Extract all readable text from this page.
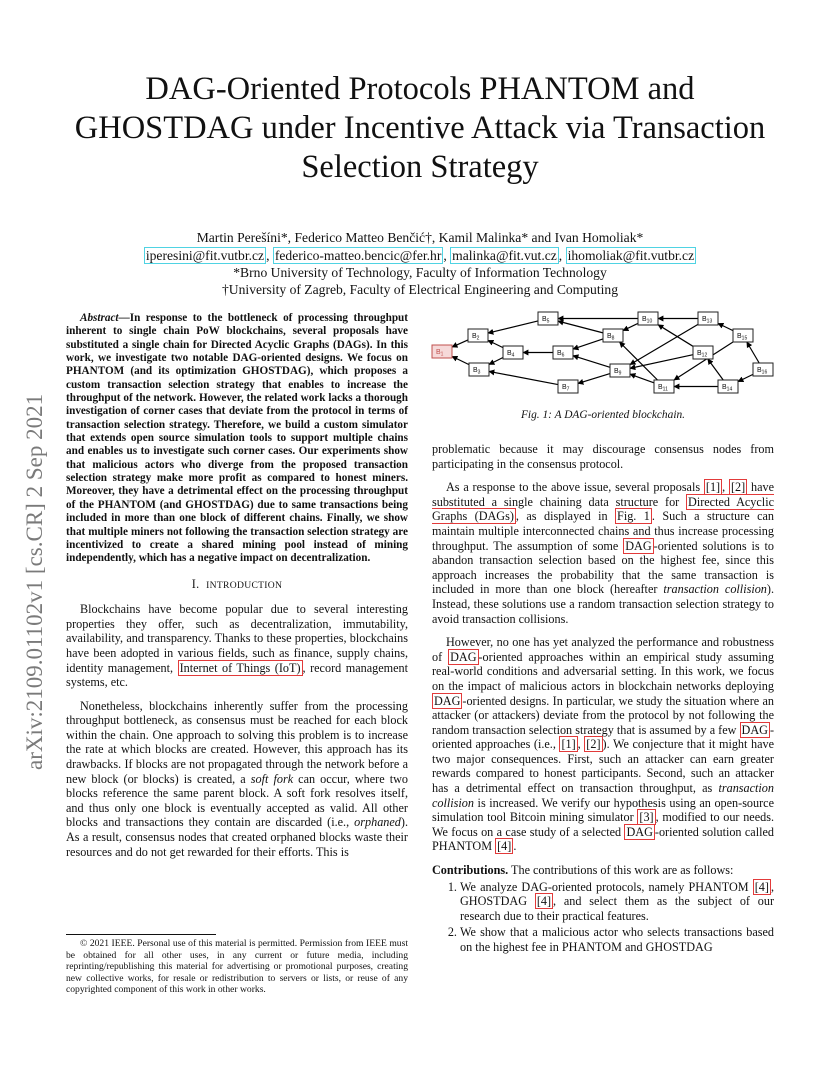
arXiv:2109.01102v1 [cs.CR] 2 Sep 2021
DAG-Oriented Protocols PHANTOM and GHOSTDAG under Incentive Attack via Transaction Selection Strategy
Martin Perešíni*, Federico Matteo Benčić†, Kamil Malinka* and Ivan Homoliak*
iperesini@fit.vutbr.cz , federico-matteo.bencic@fer.hr , malinka@fit.vut.cz , ihomoliak@fit.vutbr.cz
*Brno University of Technology, Faculty of Information Technology
†University of Zagreb, Faculty of Electrical Engineering and Computing

Abstract—In response to the bottleneck of processing throughput inherent to single chain PoW blockchains, several proposals have substituted a single chain for Directed Acyclic Graphs (DAGs). In this work, we investigate two notable DAG-oriented designs. We focus on PHANTOM (and its optimization GHOSTDAG), which proposes a custom transaction selection strategy that enables to increase the throughput of the network. However, the related work lacks a thorough investigation of corner cases that deviate from the protocol in terms of transaction selection strategy. Therefore, we build a custom simulator that extends open source simulation tools to support multiple chains and enables us to investigate such corner cases. Our experiments show that malicious actors who diverge from the proposed transaction selection strategy make more profit as compared to honest miners. Moreover, they have a detrimental effect on the processing throughput of the PHANTOM (and GHOSTDAG) due to same transactions being included in more than one block of different chains. Finally, we show that multiple miners not following the transaction selection strategy are incentivized to create a shared mining pool instead of mining independently, which has a negative impact on decentralization.

I. INTRODUCTION

Blockchains have become popular due to several interesting properties they offer, such as decentralization, immutability, availability, and transparency. Thanks to these properties, blockchains have been adopted in various fields, such as finance, supply chains, identity management, Internet of Things (IoT) , record management systems, etc.

Nonetheless, blockchains inherently suffer from the processing throughput bottleneck, as consensus must be reached for each block within the chain. One approach to solving this problem is to increase the rate at which blocks are created. However, this approach has its drawbacks. If blocks are not propagated through the network before a new block (or blocks) is created, a soft fork can occur, where two blocks reference the same parent block. A soft fork resolves itself, and thus only one block is eventually accepted as valid. All other blocks and transactions they contain are discarded (i.e., orphaned). As a result, consensus nodes that created orphaned blocks waste their resources and do not get rewarded for their efforts. This is

© 2021 IEEE. Personal use of this material is permitted. Permission from IEEE must be obtained for all other uses, in any current or future media, including reprinting/republishing this material for advertising or promotional purposes, creating new collective works, for resale or redistribution to servers or lists, or reuse of any copyrighted component of this work in other works.
$B_1$
$B_2$
$B_3$
$B_4$
$B_5$
$B_6$
$B_7$
$B_8$
$B_9$
$B_{10}$
$B_{11}$
$B_{12}$
$B_{13}$
$B_{14}$
$B_{15}$
$B_{16}$
Fig. 1: A DAG-oriented blockchain.

problematic because it may discourage consensus nodes from participating in the consensus protocol.

As a response to the above issue, several proposals [1] , [2] have substituted a single chaining data structure for Directed Acyclic Graphs (DAGs) , as displayed in Fig. 1 . Such a structure can maintain multiple interconnected chains and thus increase processing throughput. The assumption of some DAG -oriented solutions is to abandon transaction selection based on the highest fee, since this approach increases the probability that the same transaction is included in more than one block (hereafter transaction collision). Instead, these solutions use a random transaction selection strategy to avoid transaction collisions.

However, no one has yet analyzed the performance and robustness of DAG -oriented approaches within an empirical study assuming real-world conditions and adversarial setting. In this work, we focus on the impact of malicious actors in blockchain networks deploying DAG -oriented designs. In particular, we study the situation where an attacker (or attackers) deviate from the protocol by not following the random transaction selection strategy that is assumed by a few DAG -oriented approaches (i.e., [1] , [2] ). We conjecture that it might have two major consequences. First, such an attacker can earn greater rewards compared to honest participants. Second, such an attacker has a detrimental effect on transaction throughput, as transaction collision is increased. We verify our hypothesis using an open-source simulation tool Bitcoin mining simulator [3] , modified to our needs. We focus on a case study of a selected DAG -oriented solution called PHANTOM [4] .

Contributions. The contributions of this work are as follows:

1. We analyze DAG-oriented protocols, namely PHANTOM [4] , GHOSTDAG [4] , and select them as the subject of our research due to their practical features.
2. We show that a malicious actor who selects transactions based on the highest fee in PHANTOM and GHOSTDAG
